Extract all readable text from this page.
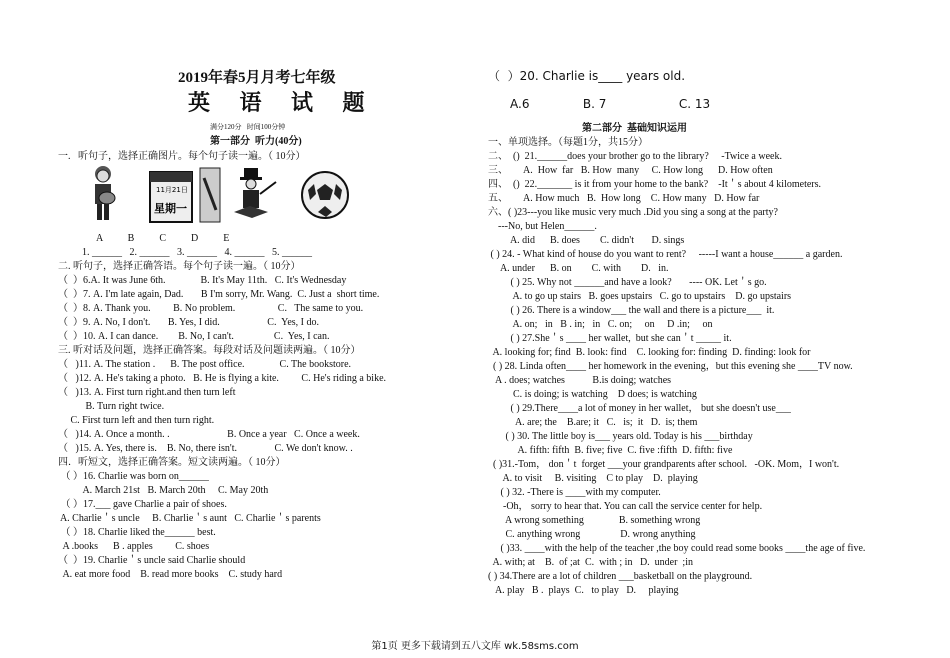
2019年春5月月考七年级
英 语 试 题
满分120分   时间100分钟
第一部分  听力(40分)
一.   听句子，选择正确图片。每个句子读一遍。（ 10分）
11月21日
星期一
A          B          C          D          E
1. ______   2. ______   3. ______   4. ______   5. ______
二. 听句子，选择正确答语。每个句子读一遍。（ 10分）
（  ）6.A. It was June 6th.              B. It's May 11th.   C. It's Wednesday
（  ）7. A. I'm late again, Dad.       B I'm sorry, Mr. Wang.  C. Just a  short time.
（  ）8. A. Thank you.         B. No problem.                 C.   The same to you.
（  ）9. A. No, I don't.       B. Yes, I did.                   C.  Yes, I do.
（  ）10. A. I can dance.        B. No, I can't.                C.  Yes, I can.
三. 听对话及问题，选择正确答案。每段对话及问题读两遍。（ 10分）
（   )11. A. The station .      B. The post office.              C. The bookstore.
（   )12. A. He's taking a photo.   B. He is flying a kite.         C. He's riding a bike.
（   )13. A. First turn right.and then turn left
B. Turn right twice.
C. First turn left and then turn right.
（   )14. A. Once a month. .                       B. Once a year   C. Once a week.
（   )15. A. Yes, there is.    B. No, there isn't.               C. We don't know. .
四．听短文，选择正确答案。短文读两遍。（ 10分）
（ ）16. Charlie was born on______
A. March 21st   B. March 20th     C. May 20th
（ ）17.___ gave Charlie a pair of shoes.
A. Charlie＇s uncle     B. Charlie＇s aunt   C. Charlie＇s parents
（ ）18. Charlie liked the______ best.
A .books      B . apples         C. shoes
（  ）19. Charlie＇s uncle said Charlie should
A. eat more food    B. read more books    C. study hard
（  ）20. Charlie is____ years old.
A.6              B. 7                   C. 13
第二部分  基础知识运用
一、单项选择。（每题1分，共15分）
二、  ()  21.______does your brother go to the library?     -Twice a week.
三、      A.  How  far   B. How  many     C. How long      D. How often
四、  ()  22._______ is it from your home to the bank?    -It＇s about 4 kilometers.
五、      A. How much   B.  How long    C. How many   D. How far
六、( )23---you like music very much .Did you sing a song at the party?
---No, but Helen______.
A. did      B. does        C. didn't       D. sings
( ) 24. - What kind of house do you want to rent?     -----I want a house______ a garden.
A. under      B. on        C. with        D.   in.
( ) 25. Why not ______and have a look?       ---- OK. Let＇s go.
A. to go up stairs   B. goes upstairs   C. go to upstairs    D. go upstairs
( ) 26. There is a window___ the wall and there is a picture___  it.
A. on;   in   B . in;   in   C. on;     on     D .in;     on
( ) 27.She＇s ____ her wallet,  but she can＇t _____ it.
A. looking for; find  B. look: find    C. looking for: finding  D. finding: look for
( ) 28. Linda often____ her homework in the evening，but this evening she ____TV now.
A . does; watches           B.is doing; watches
C. is doing; is watching    D does; is watching
( ) 29.There____a lot of money in her wallet， but she doesn't use___
A. are; the    B.are; it   C.   is;  it   D.  is; them
( ) 30. The little boy is___ years old. Today is his ___birthday
A. fifth: fifth  B. five; five  C. five :fifth  D. fifth: five
( )31.-Tom， don＇t  forget ___your grandparents after school.   -OK. Mom，I won't.
A. to visit     B. visiting    C to play    D.  playing
( ) 32. -There is ____with my computer.
-Oh， sorry to hear that. You can call the service center for help.
A wrong something              B. something wrong
C. anything wrong                D. wrong anything
( )33. ____with the help of the teacher ,the boy could read some books ____the age of five.
A. with; at    B.  of ;at  C.  with ; in   D.  under  ;in
( ) 34.There are a lot of children ___basketball on the playground.
A. play   B .  plays  C.   to play   D.     playing
第1页 更多下载请到五八文库 wk.58sms.com
